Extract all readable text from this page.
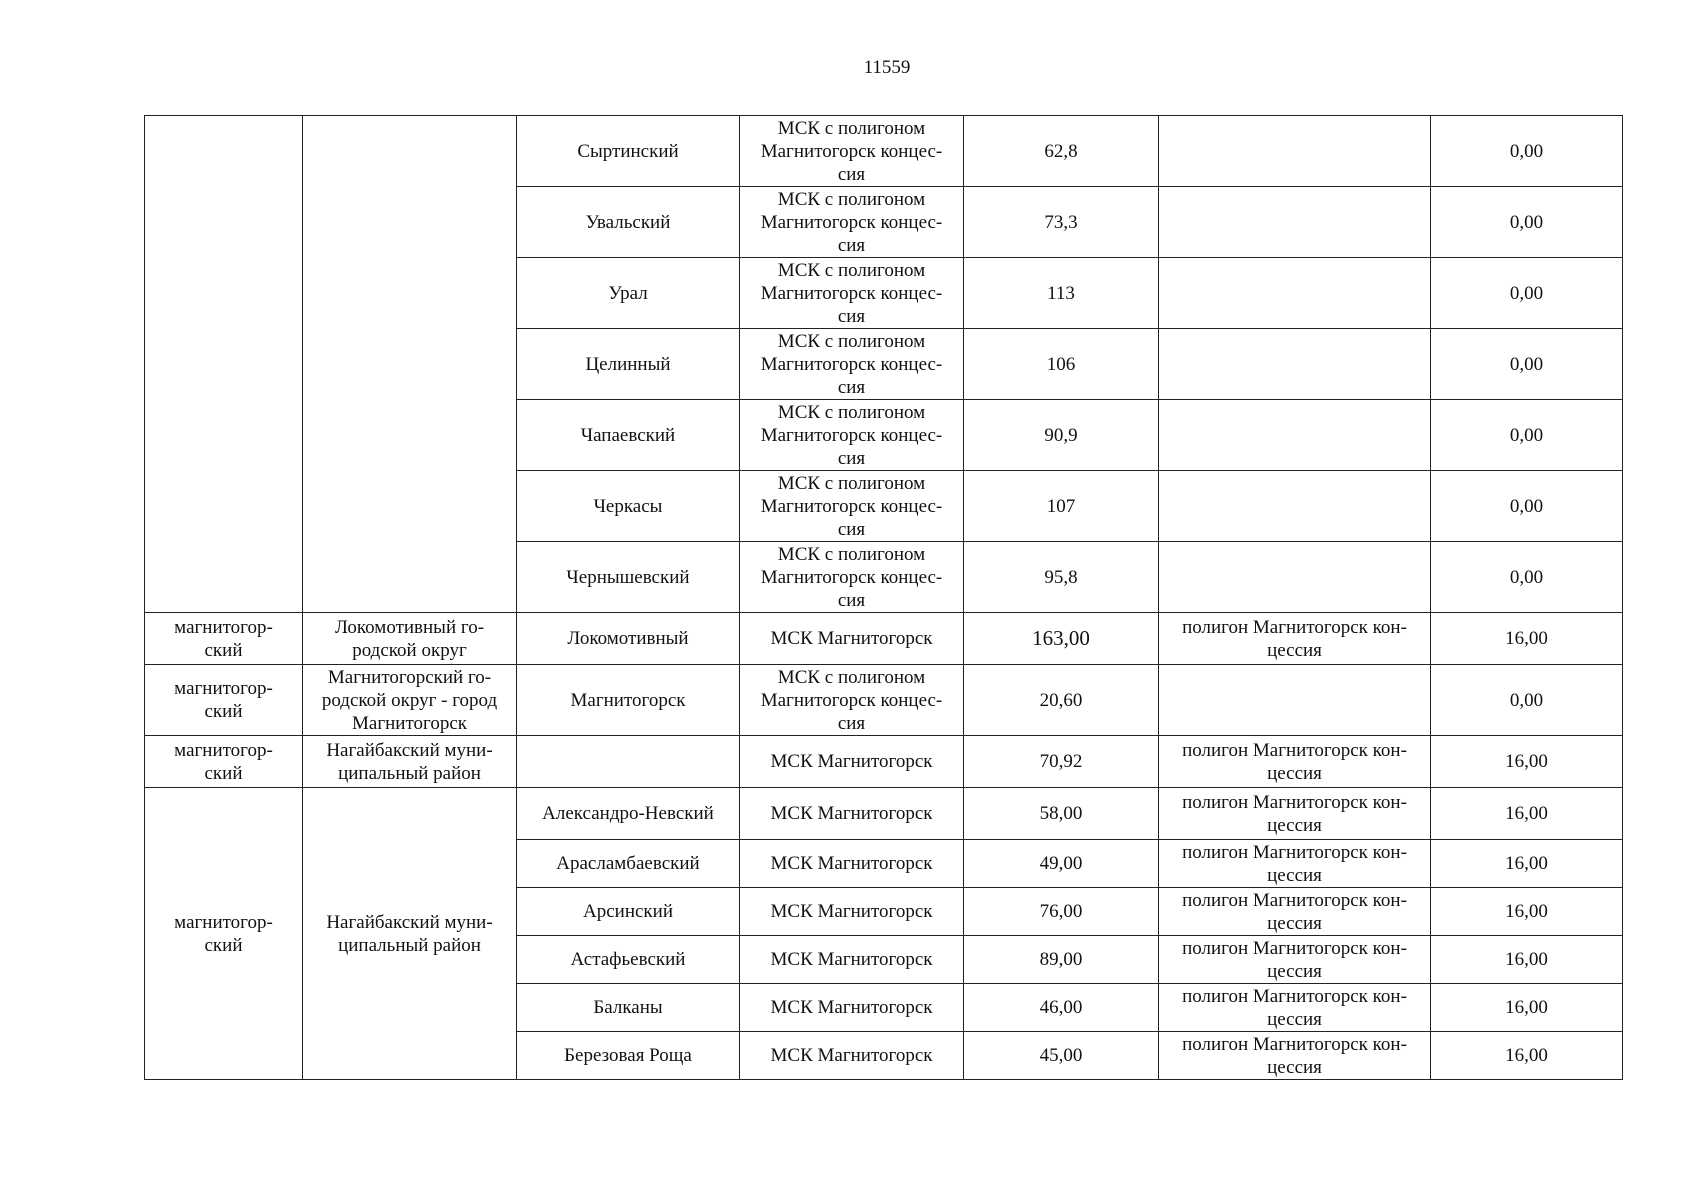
11559
		Сыртинский	МСК с полигоном
Магнитогорск концес-
сия	62,8		0,00
		Увальский	МСК с полигоном
Магнитогорск концес-
сия	73,3		0,00
		Урал	МСК с полигоном
Магнитогорск концес-
сия	113		0,00
		Целинный	МСК с полигоном
Магнитогорск концес-
сия	106		0,00
		Чапаевский	МСК с полигоном
Магнитогорск концес-
сия	90,9		0,00
		Черкасы	МСК с полигоном
Магнитогорск концес-
сия	107		0,00
		Чернышевский	МСК с полигоном
Магнитогорск концес-
сия	95,8		0,00
магнитогор-
ский	Локомотивный го-
родской округ	Локомотивный	МСК Магнитогорск	163,00	полигон Магнитогорск кон-
цессия	16,00
магнитогор-
ский	Магнитогорский го-
родской округ - город
Магнитогорск	Магнитогорск	МСК с полигоном
Магнитогорск концес-
сия	20,60		0,00
магнитогор-
ский	Нагайбакский муни-
ципальный район		МСК Магнитогорск	70,92	полигон Магнитогорск кон-
цессия	16,00
магнитогор-
ский	Нагайбакский муни-
ципальный район	Александро-Невский	МСК Магнитогорск	58,00	полигон Магнитогорск кон-
цессия	16,00
		Арасламбаевский	МСК Магнитогорск	49,00	полигон Магнитогорск кон-
цессия	16,00
		Арсинский	МСК Магнитогорск	76,00	полигон Магнитогорск кон-
цессия	16,00
		Астафьевский	МСК Магнитогорск	89,00	полигон Магнитогорск кон-
цессия	16,00
		Балканы	МСК Магнитогорск	46,00	полигон Магнитогорск кон-
цессия	16,00
		Березовая Роща	МСК Магнитогорск	45,00	полигон Магнитогорск кон-
цессия	16,00
